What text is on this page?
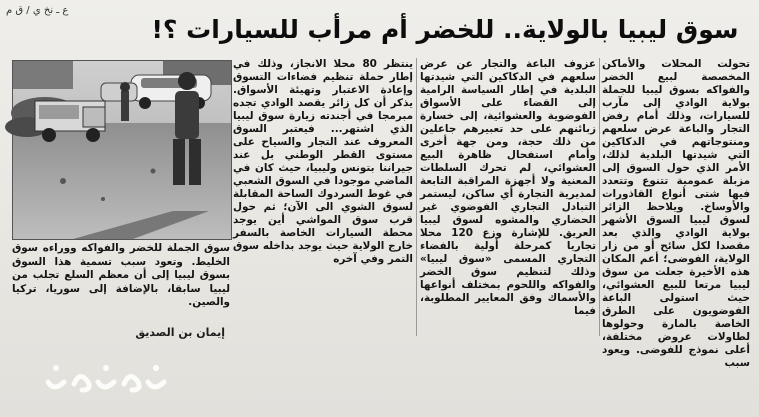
ع ـ نخ ي / ق م
سوق ليبيا بالولاية.. للخضر أم مرأب للسيارات ؟!

تحولت المحلات والأماكن المخصصة لبيع الخضر والفواكه بسوق ليبيا للجملة بولاية الوادي إلى مآرب للسيارات، وذلك أمام رفض التجار والباعة عرض سلعهم ومنتوجاتهم في الدكاكين التي شيدتها البلدية لذلك، الأمر الذي حول السوق إلى مزبلة عمومية تتنوع وتتعدد فيها شتى أنواع القاذورات والأوساخ. ويلاحظ الزائر لسوق ليبيا السوق الأشهر بولاية الوادي والذي بعد مقصدا لكل سائح أو من زار الولاية، الفوضى؛ أعم المكان هذه الأخيرة جعلت من سوق ليبيا مرتعا للبيع العشوائي، حيث استولى الباعة الفوضويون على الطرق الخاصة بالمارة وحولوها لطاولات عروض مختلفة، أعلى نموذج للفوضى. ويعود سبب

عزوف الباعة والتجار عن عرض سلعهم في الدكاكين التي شيدتها البلدية في إطار السياسة الرامية إلى القضاء على الأسواق الفوضوية والعشوائية، إلى خسارة زبائنهم على حد تعبيرهم جاعلين من ذلك حجة، ومن جهة أخرى وأمام استفحال ظاهرة البيع العشوائي، لم تحرك السلطات المعنية ولا أجهزة المراقبة التابعة لمديرية التجارة أي ساكن، ليستمر التبادل التجاري الفوضوي غير الحضاري والمشوه لسوق ليبيا العريق. للإشارة وزع 120 محلا تجاريا كمرحلة أولية بالفضاء التجاري المسمى «سوق ليبيا» وذلك لتنظيم سوق الخضر والفواكه واللحوم بمختلف أنواعها والأسماك وفق المعايير المطلوبة، فيما

ينتظر 80 محلا الانجاز، وذلك في إطار حملة تنظيم فضاءات التسوق وإعادة الاعتبار وتهيئة الأسواق. يذكر أن كل زائر يقصد الوادي تجده مبرمجا في أجندته زيارة سوق ليبيا الذي اشتهر... فيعتبر السوق المعروف عند التجار والسياح على مستوى القطر الوطني بل عند جيراننا بتونس وليبيا، حيث كان في الماضي موجودا في السوق الشعبي في غوط السردوك الساحة المقابلة لسوق الشوي الى الآن؛ ثم حول قرب سوق المواشي أين يوجد محطة السيارات الخاصة بالسفر خارج الولاية حيث يوجد بداخله سوق التمر وفي آخره

سوق الجملة للخضر والفواكه ووراءه سوق الخليط. وتعود سبب تسمية هذا السوق بسوق ليبيا إلى أن معظم السلع تجلب من ليبيا سابقا، بالإضافة إلى سوريا، تركيا والصين.
إيمان بن الصديق
